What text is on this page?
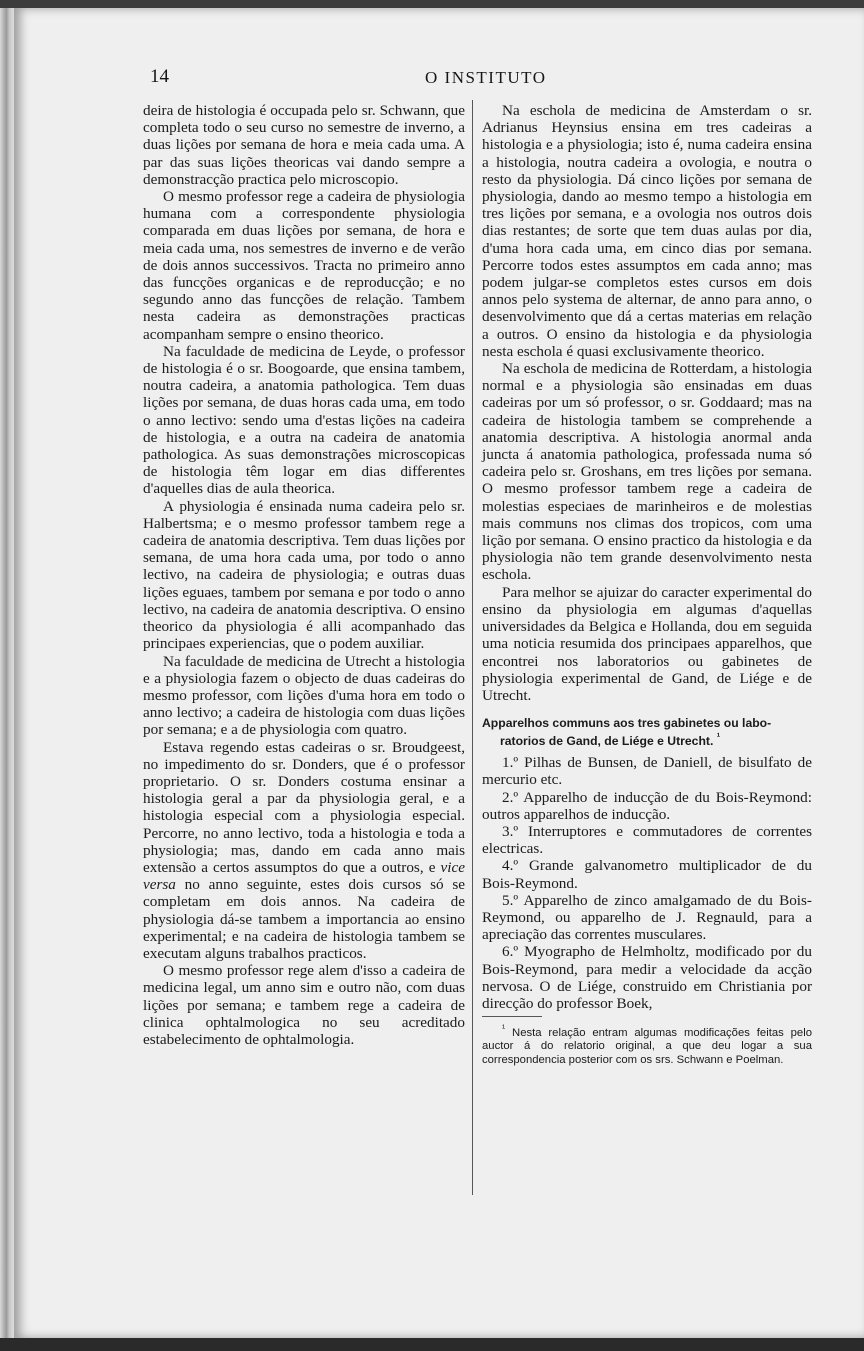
14	O INSTITUTO

deira de histologia é occupada pelo sr. Schwann, que completa todo o seu curso no semestre de inverno, a duas lições por semana de hora e meia cada uma. A par das suas lições theoricas vai dando sempre a demonstracção practica pelo microscopio.

O mesmo professor rege a cadeira de physiologia humana com a correspondente physiologia comparada em duas lições por semana, de hora e meia cada uma, nos semestres de inverno e de verão de dois annos successivos. Tracta no primeiro anno das funcções organicas e de reproducção; e no segundo anno das funcções de relação. Tambem nesta cadeira as demonstrações practicas acompanham sempre o ensino theorico.

Na faculdade de medicina de Leyde, o professor de histologia é o sr. Boogoarde, que ensina tambem, noutra cadeira, a anatomia pathologica. Tem duas lições por semana, de duas horas cada uma, em todo o anno lectivo: sendo uma d'estas lições na cadeira de histologia, e a outra na cadeira de anatomia pathologica. As suas demonstrações microscopicas de histologia têm logar em dias differentes d'aquelles dias de aula theorica.

A physiologia é ensinada numa cadeira pelo sr. Halbertsma; e o mesmo professor tambem rege a cadeira de anatomia descriptiva. Tem duas lições por semana, de uma hora cada uma, por todo o anno lectivo, na cadeira de physiologia; e outras duas lições eguaes, tambem por semana e por todo o anno lectivo, na cadeira de anatomia descriptiva. O ensino theorico da physiologia é alli acompanhado das principaes experiencias, que o podem auxiliar.

Na faculdade de medicina de Utrecht a histologia e a physiologia fazem o objecto de duas cadeiras do mesmo professor, com lições d'uma hora em todo o anno lectivo; a cadeira de histologia com duas lições por semana; e a de physiologia com quatro.

Estava regendo estas cadeiras o sr. Broudgeest, no impedimento do sr. Donders, que é o professor proprietario. O sr. Donders costuma ensinar a histologia geral a par da physiologia geral, e a histologia especial com a physiologia especial. Percorre, no anno lectivo, toda a histologia e toda a physiologia; mas, dando em cada anno mais extensão a certos assumptos do que a outros, e vice versa no anno seguinte, estes dois cursos só se completam em dois annos. Na cadeira de physiologia dá-se tambem a importancia ao ensino experimental; e na cadeira de histologia tambem se executam alguns trabalhos practicos.

O mesmo professor rege alem d'isso a cadeira de medicina legal, um anno sim e outro não, com duas lições por semana; e tambem rege a cadeira de clinica ophtalmologica no seu acreditado estabelecimento de ophtalmologia.

Na eschola de medicina de Amsterdam o sr. Adrianus Heynsius ensina em tres cadeiras a histologia e a physiologia; isto é, numa cadeira ensina a histologia, noutra cadeira a ovologia, e noutra o resto da physiologia. Dá cinco lições por semana de physiologia, dando ao mesmo tempo a histologia em tres lições por semana, e a ovologia nos outros dois dias restantes; de sorte que tem duas aulas por dia, d'uma hora cada uma, em cinco dias por semana. Percorre todos estes assumptos em cada anno; mas podem julgar-se completos estes cursos em dois annos pelo systema de alternar, de anno para anno, o desenvolvimento que dá a certas materias em relação a outros. O ensino da histologia e da physiologia nesta eschola é quasi exclusivamente theorico.

Na eschola de medicina de Rotterdam, a histologia normal e a physiologia são ensinadas em duas cadeiras por um só professor, o sr. Goddaard; mas na cadeira de histologia tambem se comprehende a anatomia descriptiva. A histologia anormal anda juncta á anatomia pathologica, professada numa só cadeira pelo sr. Groshans, em tres lições por semana. O mesmo professor tambem rege a cadeira de molestias especiaes de marinheiros e de molestias mais communs nos climas dos tropicos, com uma lição por semana. O ensino practico da histologia e da physiologia não tem grande desenvolvimento nesta eschola.

Para melhor se ajuizar do caracter experimental do ensino da physiologia em algumas d'aquellas universidades da Belgica e Hollanda, dou em seguida uma noticia resumida dos principaes apparelhos, que encontrei nos laboratorios ou gabinetes de physiologia experimental de Gand, de Liége e de Utrecht.

Apparelhos communs aos tres gabinetes ou labo-
ratorios de Gand, de Liége e Utrecht. $^{^1}$

1.º Pilhas de Bunsen, de Daniell, de bisulfato de mercurio etc.

2.º Apparelho de inducção de du Bois-Reymond: outros apparelhos de inducção.

3.º Interruptores e commutadores de correntes electricas.

4.º Grande galvanometro multiplicador de du Bois-Reymond.

5.º Apparelho de zinco amalgamado de du Bois-Reymond, ou apparelho de J. Regnauld, para a apreciação das correntes musculares.

6.º Myographo de Helmholtz, modificado por du Bois-Reymond, para medir a velocidade da acção nervosa. O de Liége, construido em Christiania por direcção do professor Boek,

$^{^1}$ Nesta relação entram algumas modificações feitas pelo auctor á do relatorio original, a que deu logar a sua correspondencia posterior com os srs. Schwann e Poelman.
